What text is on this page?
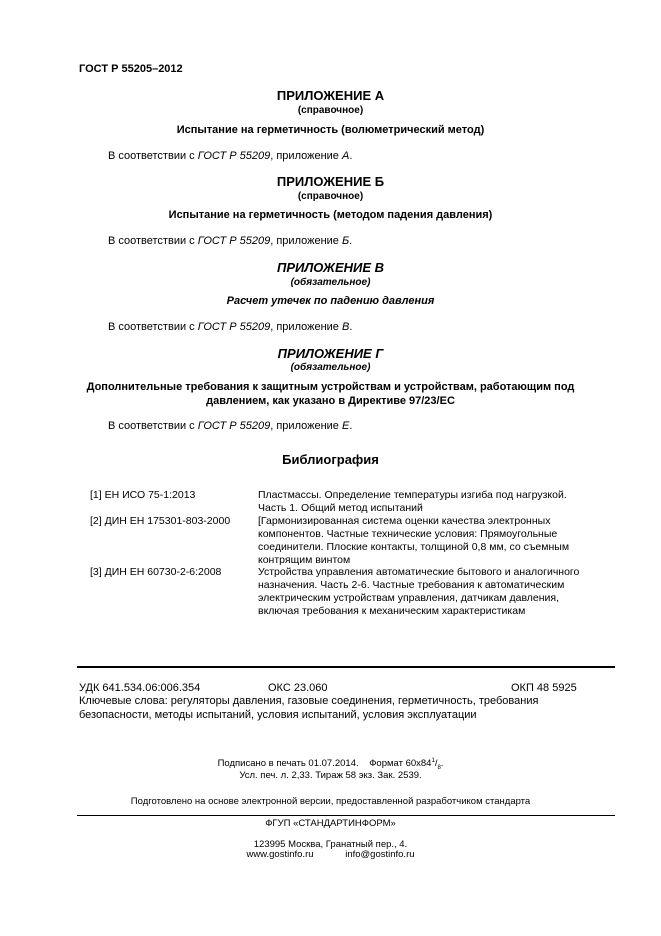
ГОСТ Р 55205–2012
ПРИЛОЖЕНИЕ А
(справочное)
Испытание на герметичность (волюметрический метод)
В соответствии с ГОСТ Р 55209, приложение А.
ПРИЛОЖЕНИЕ Б
(справочное)
Испытание на герметичность (методом падения давления)
В соответствии с ГОСТ Р 55209, приложение Б.
ПРИЛОЖЕНИЕ В
(обязательное)
Расчет утечек по падению давления
В соответствии с ГОСТ Р 55209, приложение В.
ПРИЛОЖЕНИЕ Г
(обязательное)
Дополнительные требования к защитным устройствам и устройствам, работающим под
давлением, как указано в Директиве 97/23/ЕС
В соответствии с ГОСТ Р 55209, приложение Е.
Библиография
[1] ЕН ИСО 75-1:2013	Пластмассы. Определение температуры изгиба под нагрузкой.
Часть 1. Общий метод испытаний
[2] ДИН ЕН 175301-803-2000	[Гармонизированная система оценки качества электронных
компонентов. Частные технические условия: Прямоугольные
соединители. Плоские контакты, толщиной 0,8 мм, со съемным
контрящим винтом
[3] ДИН ЕН 60730-2-6:2008	Устройства управления автоматические бытового и аналогичного
назначения. Часть 2-6. Частные требования к автоматическим
электрическим устройствам управления, датчикам давления,
включая требования к механическим характеристикам
УДК 641.534.06:006.354	ОКС 23.060	ОКП 48 5925
Ключевые слова: регуляторы давления, газовые соединения, герметичность, требования
безопасности, методы испытаний, условия испытаний, условия эксплуатации
Подписано в печать 01.07.2014. Формат $60х84^1/_8$.
Усл. печ. л. 2,33. Тираж 58 экз. Зак. 2539.
Подготовлено на основе электронной версии, предоставленной разработчиком стандарта
ФГУП «СТАНДАРТИНФОРМ»
123995 Москва, Гранатный пер., 4.
www.gostinfo.ru	info@gostinfo.ru
